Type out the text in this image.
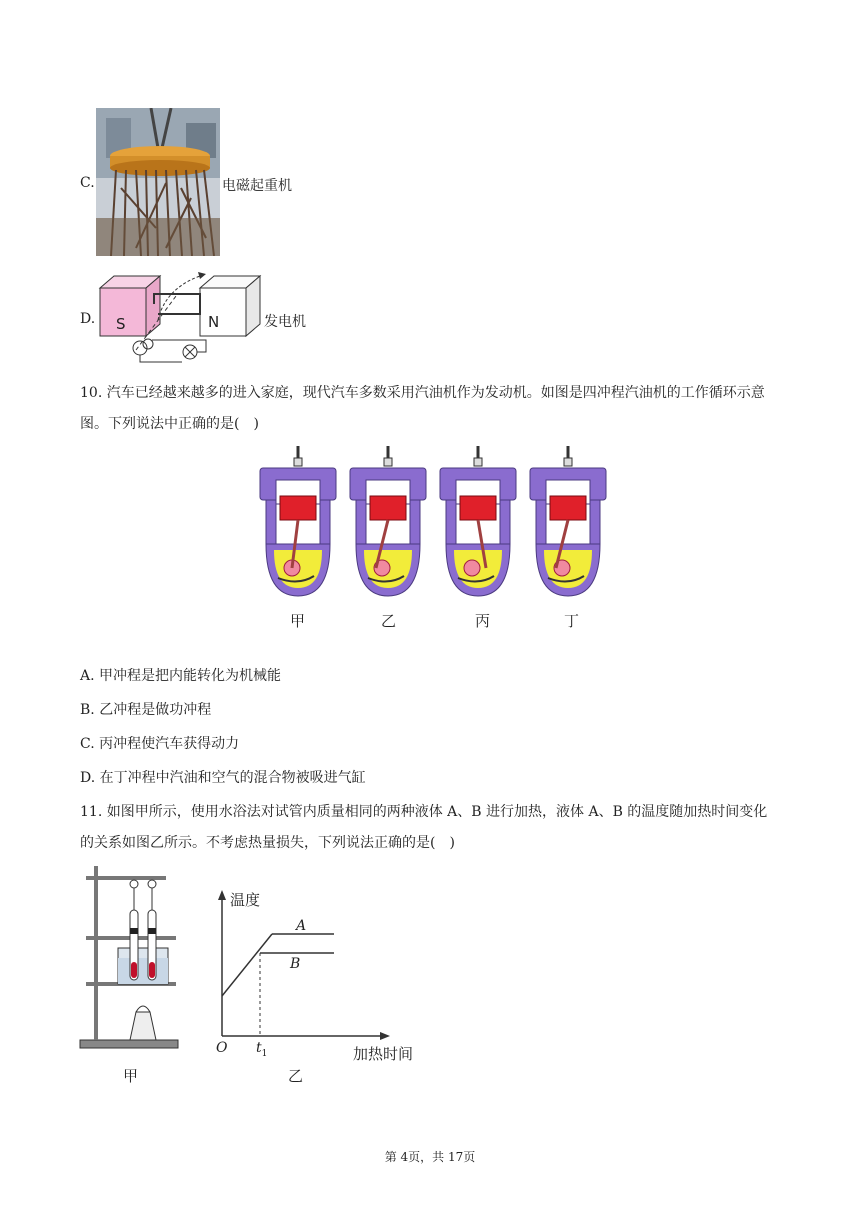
C.	电磁起重机
D. S	N	发电机
10. 汽车已经越来越多的进入家庭，现代汽车多数采用汽油机作为发动机。如图是四冲程汽油机的工作循环示意图。下列说法中正确的是(　)
甲	乙	丙	丁
A. 甲冲程是把内能转化为机械能
B. 乙冲程是做功冲程
C. 丙冲程使汽车获得动力
D. 在丁冲程中汽油和空气的混合物被吸进气缸
11. 如图甲所示，使用水浴法对试管内质量相同的两种液体 A、B 进行加热，液体 A、B 的温度随加热时间变化的关系如图乙所示。不考虑热量损失，下列说法正确的是(　)
甲
温度
加热时间
O $t_1$
A
B
乙
第 4页，共 17页
